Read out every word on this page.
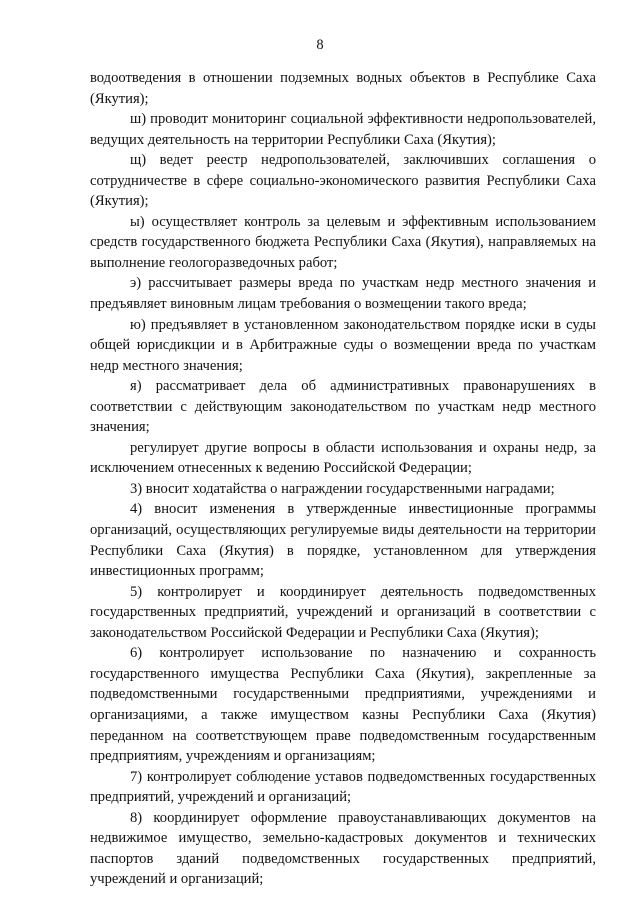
8

водоотведения в отношении подземных водных объектов в Республике Саха (Якутия);

ш) проводит мониторинг социальной эффективности недропользователей, ведущих деятельность на территории Республики Саха (Якутия);

щ) ведет реестр недропользователей, заключивших соглашения о сотрудничестве в сфере социально-экономического развития Республики Саха (Якутия);

ы) осуществляет контроль за целевым и эффективным использованием средств государственного бюджета Республики Саха (Якутия), направляемых на выполнение геологоразведочных работ;

э) рассчитывает размеры вреда по участкам недр местного значения и предъявляет виновным лицам требования о возмещении такого вреда;

ю) предъявляет в установленном законодательством порядке иски в суды общей юрисдикции и в Арбитражные суды о возмещении вреда по участкам недр местного значения;

я) рассматривает дела об административных правонарушениях в соответствии с действующим законодательством по участкам недр местного значения;

регулирует другие вопросы в области использования и охраны недр, за исключением отнесенных к ведению Российской Федерации;

3) вносит ходатайства о награждении государственными наградами;

4) вносит изменения в утвержденные инвестиционные программы организаций, осуществляющих регулируемые виды деятельности на территории Республики Саха (Якутия) в порядке, установленном для утверждения инвестиционных программ;

5) контролирует и координирует деятельность подведомственных государственных предприятий, учреждений и организаций в соответствии с законодательством Российской Федерации и Республики Саха (Якутия);

6) контролирует использование по назначению и сохранность государственного имущества Республики Саха (Якутия), закрепленные за подведомственными государственными предприятиями, учреждениями и организациями, а также имуществом казны Республики Саха (Якутия) переданном на соответствующем праве подведомственным государственным предприятиям, учреждениям и организациям;

7) контролирует соблюдение уставов подведомственных государственных предприятий, учреждений и организаций;

8) координирует оформление правоустанавливающих документов на недвижимое имущество, земельно-кадастровых документов и технических паспортов зданий подведомственных государственных предприятий, учреждений и организаций;
